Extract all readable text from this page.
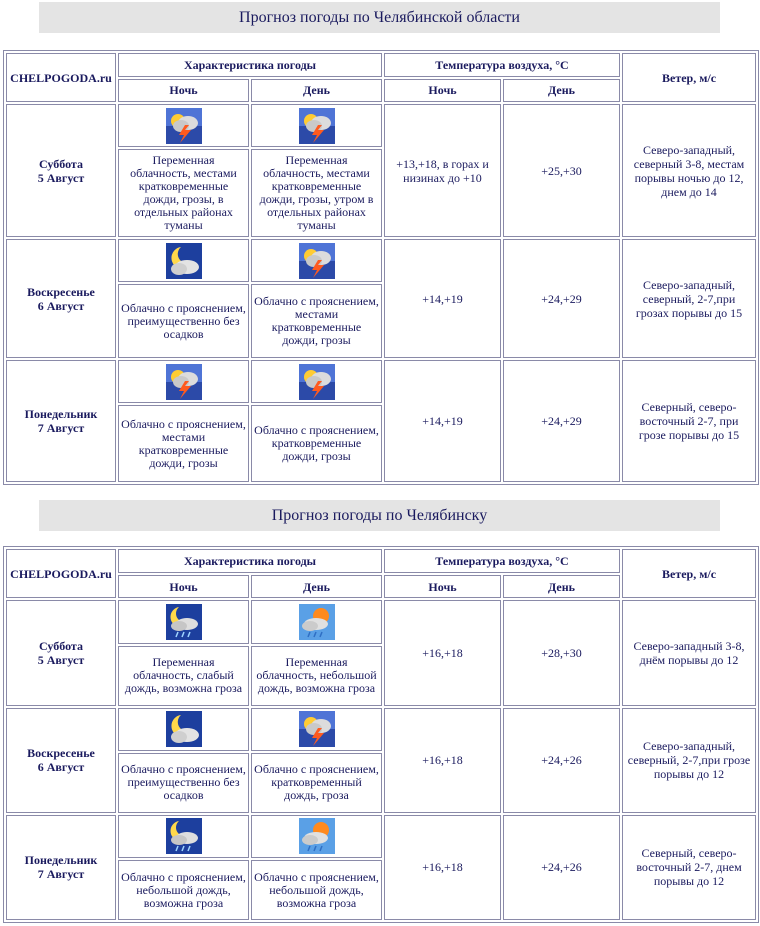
Прогноз погоды по Челябинской области
CHELPOGODA.ru	Характеристика погоды		Температура воздуха, °С		Ветер, м/с
	Ночь	День	Ночь	День	
Суббота
5 Август			+13,+18, в горах и низинах до +10	+25,+30	Северо-западный, северный 3-8, местам порывы ночью до 12, днем до 14
	Переменная облачность, местами кратковременные дожди, грозы, в отдельных районах туманы	Переменная облачность, местами кратковременные дожди, грозы, утром в отдельных районах туманы			
Воскресенье
6 Август			+14,+19	+24,+29	Северо-западный, северный, 2-7,при грозах порывы до 15
	Облачно с прояснением, преимущественно без осадков	Облачно с прояснением, местами кратковременные дожди, грозы			
Понедельник
7 Август			+14,+19	+24,+29	Северный, северо-восточный 2-7, при грозе порывы до 15
	Облачно с прояснением, местами кратковременные дожди, грозы	Облачно с прояснением, кратковременные дожди, грозы			
Прогноз погоды по Челябинску
CHELPOGODA.ru	Характеристика погоды		Температура воздуха, °С		Ветер, м/с
	Ночь	День	Ночь	День	
Суббота
5 Август			+16,+18	+28,+30	Северо-западный 3-8, днём порывы до 12
	Переменная облачность, слабый дождь, возможна гроза	Переменная облачность, небольшой дождь, возможна гроза			
Воскресенье
6 Август			+16,+18	+24,+26	Северо-западный, северный, 2-7,при грозе порывы до 12
	Облачно с прояснением, преимущественно без осадков	Облачно с прояснением, кратковременный дождь, гроза			
Понедельник
7 Август			+16,+18	+24,+26	Северный, северо-восточный 2-7, днем порывы до 12
	Облачно с прояснением, небольшой дождь, возможна гроза	Облачно с прояснением, небольшой дождь, возможна гроза			
